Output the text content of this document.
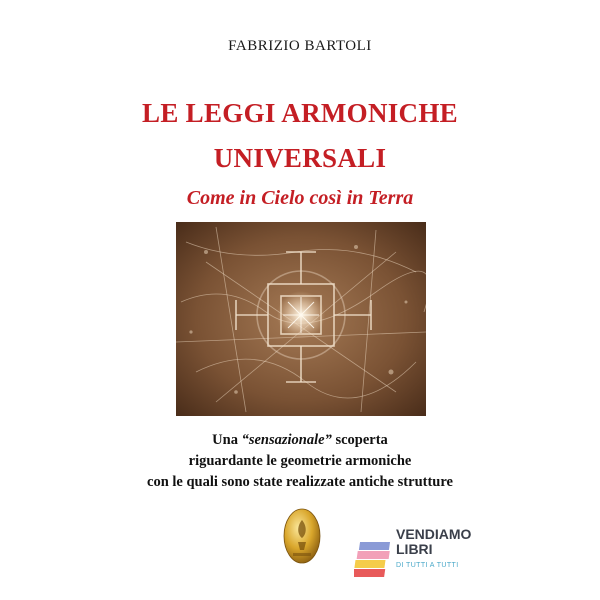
FABRIZIO BARTOLI
LE LEGGI ARMONICHE
UNIVERSALI
Come in Cielo così in Terra
Una “sensazionale” scoperta
riguardante le geometrie armoniche
con le quali sono state realizzate antiche strutture
VENDIAMO
LIBRI
DI TUTTI A TUTTI
